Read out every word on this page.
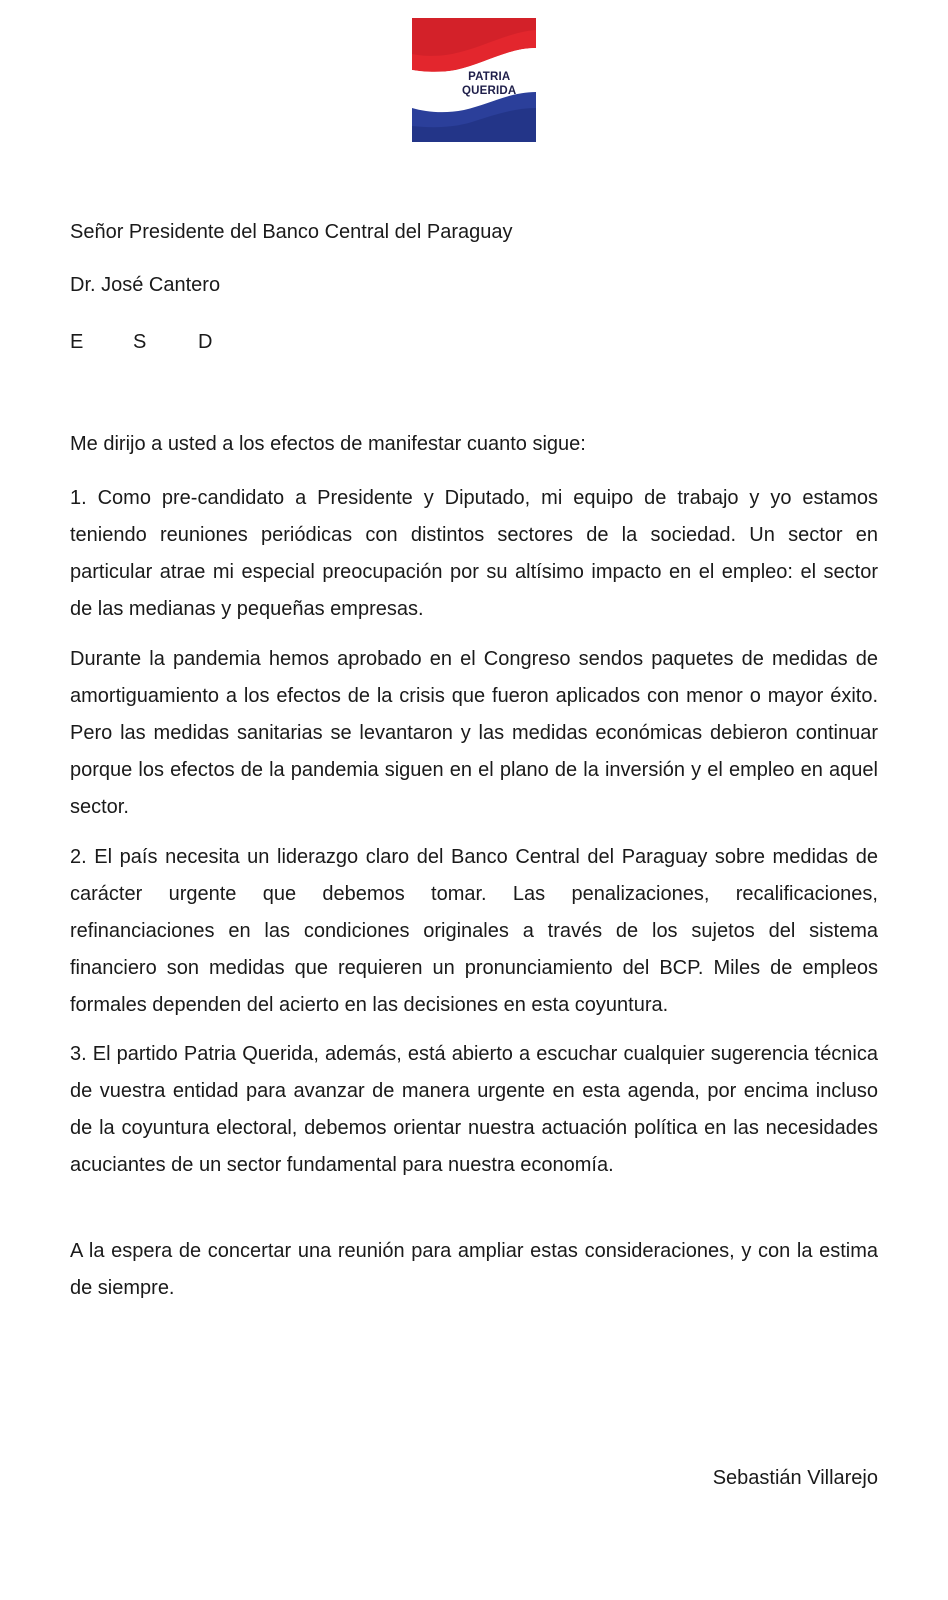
PATRIA
QUERIDA

Señor Presidente del Banco Central del Paraguay

Dr. José Cantero

E S	D

Me dirijo a usted a los efectos de manifestar cuanto sigue:

1. Como pre-candidato a Presidente y Diputado, mi equipo de trabajo y yo estamos teniendo reuniones periódicas con distintos sectores de la sociedad. Un sector en particular atrae mi especial preocupación por su altísimo impacto en el empleo: el sector de las medianas y pequeñas empresas.

Durante la pandemia hemos aprobado en el Congreso sendos paquetes de medidas de amortiguamiento a los efectos de la crisis que fueron aplicados con menor o mayor éxito. Pero las medidas sanitarias se levantaron y las medidas económicas debieron continuar porque los efectos de la pandemia siguen en el plano de la inversión y el empleo en aquel sector.

2. El país necesita un liderazgo claro del Banco Central del Paraguay sobre medidas de carácter urgente que debemos tomar. Las penalizaciones, recalificaciones, refinanciaciones en las condiciones originales a través de los sujetos del sistema financiero son medidas que requieren un pronunciamiento del BCP. Miles de empleos formales dependen del acierto en las decisiones en esta coyuntura.

3. El partido Patria Querida, además, está abierto a escuchar cualquier sugerencia técnica de vuestra entidad para avanzar de manera urgente en esta agenda, por encima incluso de la coyuntura electoral, debemos orientar nuestra actuación política en las necesidades acuciantes de un sector fundamental para nuestra economía.

A la espera de concertar una reunión para ampliar estas consideraciones, y con la estima de siempre.

Sebastián Villarejo
